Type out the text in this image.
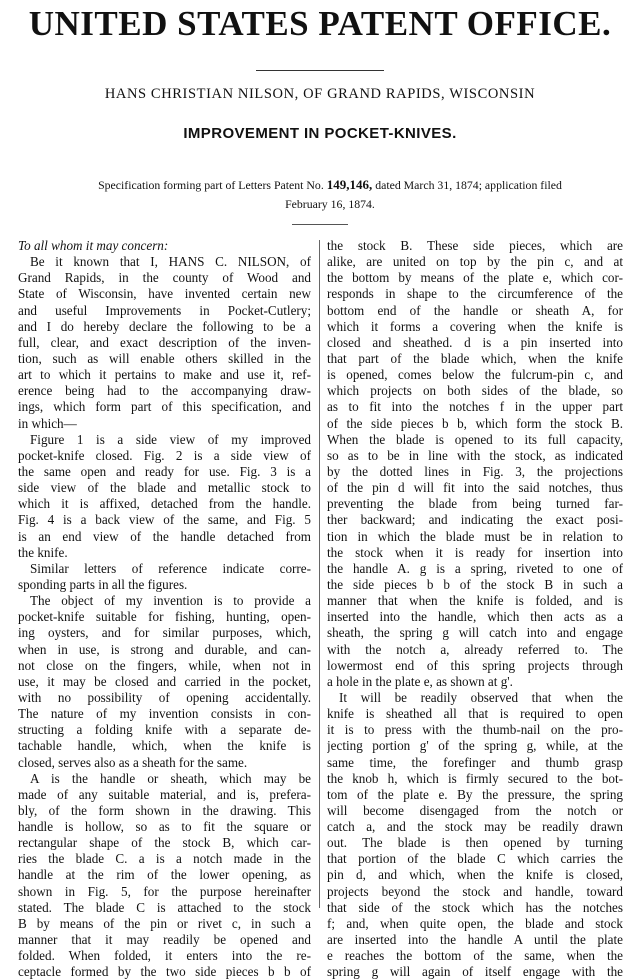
UNITED STATES PATENT OFFICE.
HANS CHRISTIAN NILSON, OF GRAND RAPIDS, WISCONSIN
IMPROVEMENT IN POCKET-KNIVES.
Specification forming part of Letters Patent No. 149,146, dated March 31, 1874; application filed
February 16, 1874.
To all whom it may concern:
Be it known that I, HANS C. NILSON, of
Grand Rapids, in the county of Wood and
State of Wisconsin, have invented certain new
and useful Improvements in Pocket-Cutlery;
and I do hereby declare the following to be a
full, clear, and exact description of the inven-
tion, such as will enable others skilled in the
art to which it pertains to make and use it, ref-
erence being had to the accompanying draw-
ings, which form part of this specification, and
in which—
Figure 1 is a side view of my improved
pocket-knife closed. Fig. 2 is a side view of
the same open and ready for use. Fig. 3 is a
side view of the blade and metallic stock to
which it is affixed, detached from the handle.
Fig. 4 is a back view of the same, and Fig. 5
is an end view of the handle detached from
the knife.
Similar letters of reference indicate corre-
sponding parts in all the figures.
The object of my invention is to provide a
pocket-knife suitable for fishing, hunting, open-
ing oysters, and for similar purposes, which,
when in use, is strong and durable, and can-
not close on the fingers, while, when not in
use, it may be closed and carried in the pocket,
with no possibility of opening accidentally.
The nature of my invention consists in con-
structing a folding knife with a separate de-
tachable handle, which, when the knife is
closed, serves also as a sheath for the same.
A is the handle or sheath, which may be
made of any suitable material, and is, prefera-
bly, of the form shown in the drawing. This
handle is hollow, so as to fit the square or
rectangular shape of the stock B, which car-
ries the blade C. a is a notch made in the
handle at the rim of the lower opening, as
shown in Fig. 5, for the purpose hereinafter
stated. The blade C is attached to the stock
B by means of the pin or rivet c, in such a
manner that it may readily be opened and
folded. When folded, it enters into the re-
ceptacle formed by the two side pieces b b of
the stock B. These side pieces, which are
alike, are united on top by the pin c, and at
the bottom by means of the plate e, which cor-
responds in shape to the circumference of the
bottom end of the handle or sheath A, for
which it forms a covering when the knife is
closed and sheathed. d is a pin inserted into
that part of the blade which, when the knife
is opened, comes below the fulcrum-pin c, and
which projects on both sides of the blade, so
as to fit into the notches f in the upper part
of the side pieces b b, which form the stock B.
When the blade is opened to its full capacity,
so as to be in line with the stock, as indicated
by the dotted lines in Fig. 3, the projections
of the pin d will fit into the said notches, thus
preventing the blade from being turned far-
ther backward; and indicating the exact posi-
tion in which the blade must be in relation to
the stock when it is ready for insertion into
the handle A. g is a spring, riveted to one of
the side pieces b b of the stock B in such a
manner that when the knife is folded, and is
inserted into the handle, which then acts as a
sheath, the spring g will catch into and engage
with the notch a, already referred to. The
lowermost end of this spring projects through
a hole in the plate e, as shown at g'.
It will be readily observed that when the
knife is sheathed all that is required to open
it is to press with the thumb-nail on the pro-
jecting portion g' of the spring g, while, at the
same time, the forefinger and thumb grasp
the knob h, which is firmly secured to the bot-
tom of the plate e. By the pressure, the spring
will become disengaged from the notch or
catch a, and the stock may be readily drawn
out. The blade is then opened by turning
that portion of the blade C which carries the
pin d, and which, when the knife is closed,
projects beyond the stock and handle, toward
that side of the stock which has the notches
f; and, when quite open, the blade and stock
are inserted into the handle A until the plate
e reaches the bottom of the same, when the
spring g will again of itself engage with the
